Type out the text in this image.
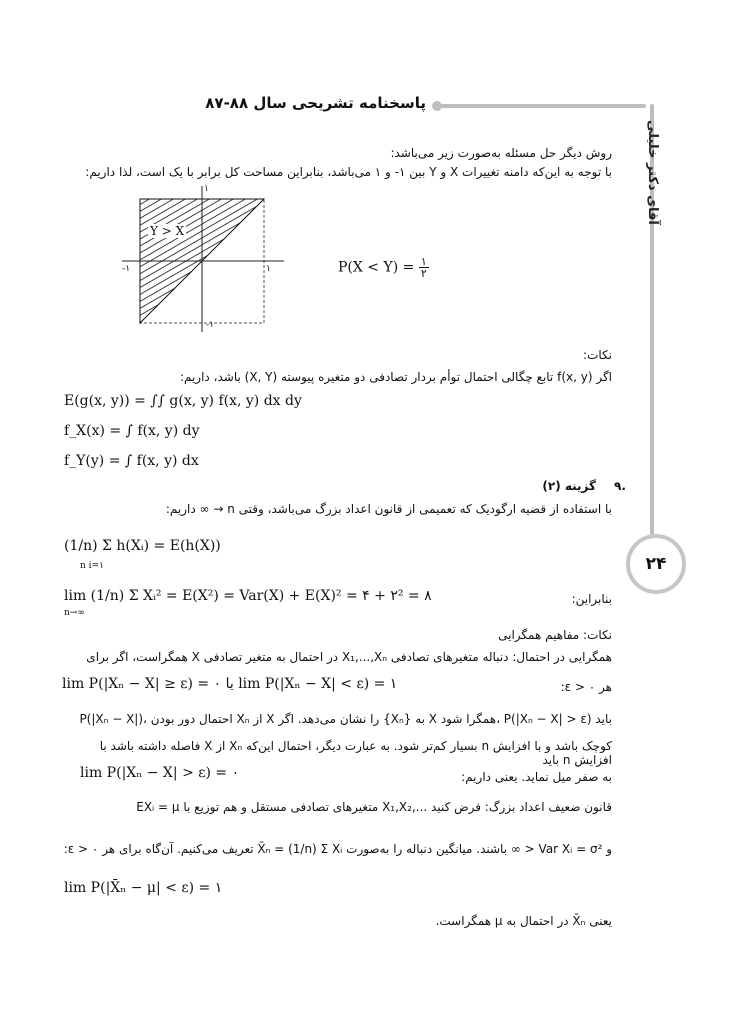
پاسخنامه تشریحی سال ۸۸-۸۷
آقای دکتر خلیلی
۲۴
روش دیگر حل مسئله به‌صورت زیر می‌باشد:
با توجه به این‌که دامنه تغییرات X و Y بین ۱- و ۱ می‌باشد، بنابراین مساحت کل برابر با یک است، لذا داریم:
Y > X
۱
-۱	۱
-۱
$P(X < Y) = \frac{۱}{۲}$
نکات:
اگر f(x, y) تابع چگالی احتمال توأم بردار تصادفی دو متغیره پیوسته (X, Y) باشد، داریم:
E(g(x, y)) = ∫∫ g(x, y) f(x, y) dx dy
f_X(x) = ∫ f(x, y) dy
f_Y(y) = ∫ f(x, y) dx
.۹
گزینه (۲)
با استفاده از قضیه ارگودیک که تعمیمی از قانون اعداد بزرگ می‌باشد، وقتی n → ∞ داریم:
(1/n) Σ h(Xᵢ) = E(h(X))
n i=۱
بنابراین:
lim (1/n) Σ Xᵢ² = E(X²) = Var(X) + E(X)² = ۴ + ۲² = ۸
n→∞
نکات: مفاهیم همگرایی
همگرایی در احتمال: دنباله متغیرهای تصادفی X₁,...,Xₙ در احتمال به متغیر تصادفی X همگراست، اگر برای
lim P(|Xₙ − X| ≥ ε) = ۰ یا lim P(|Xₙ − X| < ε) = ۱	هر ε > ۰:
P(|Xₙ − X|)، احتمال دور بودن Xₙ از X را نشان می‌دهد. اگر {Xₙ} به X همگرا شود، P(|Xₙ − X| > ε) باید
کوچک باشد و با افزایش n بسیار کم‌تر شود. به عبارت دیگر، احتمال این‌که Xₙ از X فاصله داشته باشد با افزایش n باید
به صفر میل نماید. یعنی داریم:
lim P(|Xₙ − X| > ε) = ۰
قانون ضعیف اعداد بزرگ: فرض کنید ...,X₁,X₂ متغیرهای تصادفی مستقل و هم توزیع با EXᵢ = μ
و Var Xᵢ = σ² < ∞ باشند. میانگین دنباله را به‌صورت X̄ₙ = (1/n) Σ Xᵢ تعریف می‌کنیم. آن‌گاه برای هر ε > ۰:
lim P(|X̄ₙ − μ| < ε) = ۱
یعنی X̄ₙ در احتمال به μ همگراست.
